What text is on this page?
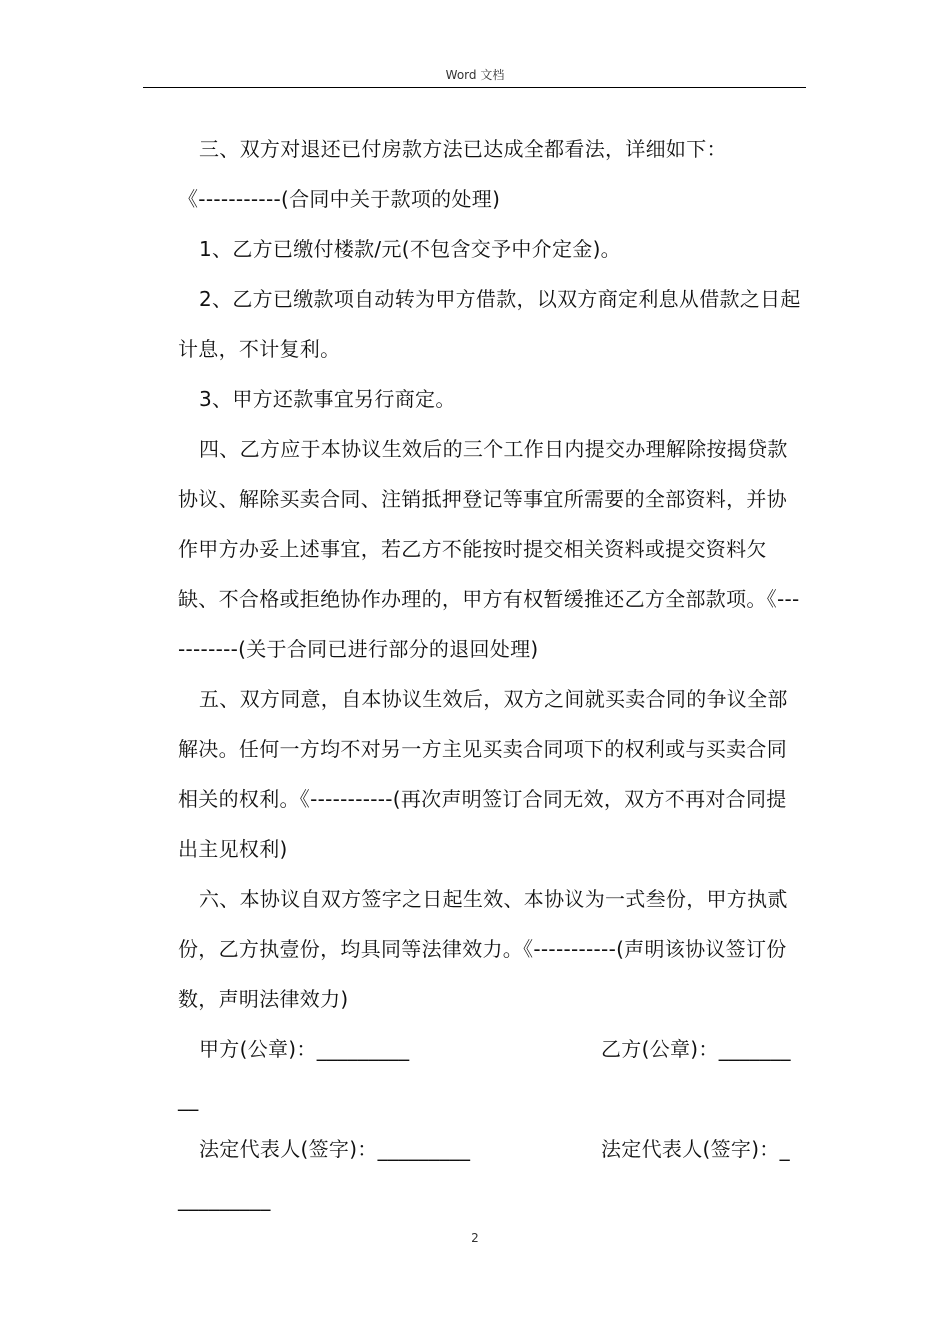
Word 文档

三、双方对退还已付房款方法已达成全都看法，详细如下：

《-----------(合同中关于款项的处理)

1、乙方已缴付楼款/元(不包含交予中介定金)。

2、乙方已缴款项自动转为甲方借款，以双方商定利息从借款之日起计息，不计复利。

3、甲方还款事宜另行商定。

四、乙方应于本协议生效后的三个工作日内提交办理解除按揭贷款协议、解除买卖合同、注销抵押登记等事宜所需要的全部资料，并协作甲方办妥上述事宜，若乙方不能按时提交相关资料或提交资料欠缺、不合格或拒绝协作办理的，甲方有权暂缓推还乙方全部款项。《-----------(关于合同已进行部分的退回处理)

五、双方同意，自本协议生效后，双方之间就买卖合同的争议全部解决。任何一方均不对另一方主见买卖合同项下的权利或与买卖合同相关的权利。《-----------(再次声明签订合同无效，双方不再对合同提出主见权利)

六、本协议自双方签字之日起生效、本协议为一式叁份，甲方执贰份，乙方执壹份，均具同等法律效力。《-----------(声明该协议签订份数，声明法律效力)

甲方(公章)：_________	乙方(公章)：_______
__
法定代表人(签字)：_________	法定代表人(签字)：_
_________
2
